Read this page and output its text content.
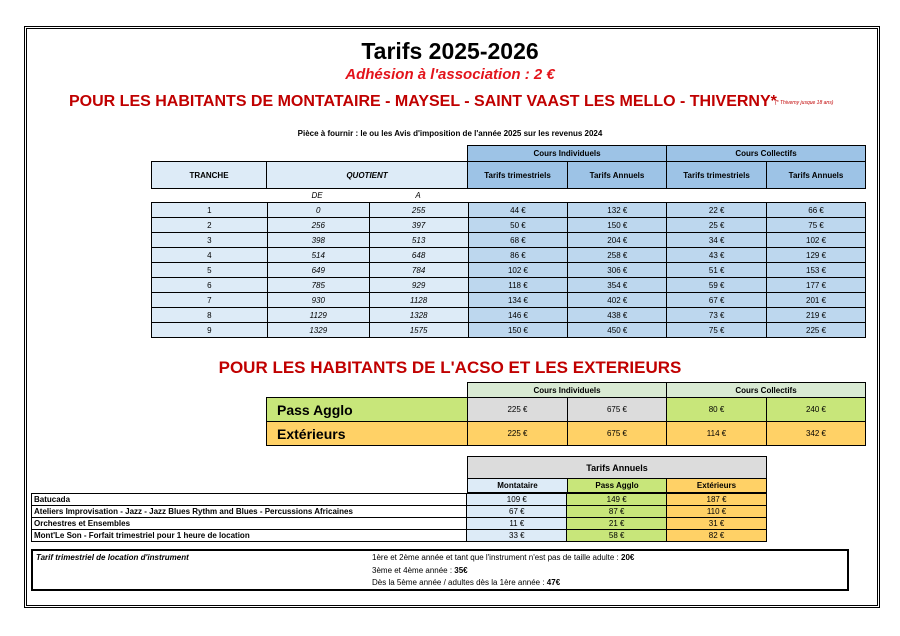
Tarifs 2025-2026
Adhésion à l'association : 2 €
POUR LES HABITANTS DE MONTATAIRE - MAYSEL - SAINT VAAST LES MELLO - THIVERNY*
(* Thiverny jusque 18 ans)
Pièce à fournir : le ou les Avis d'imposition de l'année 2025 sur les revenus 2024
Cours Individuels	Cours Collectifs
TRANCHE	QUOTIENT	Tarifs trimestriels	Tarifs Annuels	Tarifs trimestriels	Tarifs Annuels
DE	A
1	0	255	44 €	132 €	22 €	66 €
2	256	397	50 €	150 €	25 €	75 €
3	398	513	68 €	204 €	34 €	102 €
4	514	648	86 €	258 €	43 €	129 €
5	649	784	102 €	306 €	51 €	153 €
6	785	929	118 €	354 €	59 €	177 €
7	930	1128	134 €	402 €	67 €	201 €
8	1129	1328	146 €	438 €	73 €	219 €
9	1329	1575	150 €	450 €	75 €	225 €
POUR LES HABITANTS DE L'ACSO ET LES EXTERIEURS
Cours Individuels	Cours Collectifs
Pass Agglo	225 €	675 €	80 €	240 €
Extérieurs	225 €	675 €	114 €	342 €
Tarifs Annuels
Montataire	Pass Agglo	Extérieurs
Batucada	109 €	149 €	187 €
Ateliers Improvisation - Jazz - Jazz Blues Rythm and Blues - Percussions Africaines	67 €	87 €	110 €
Orchestres et Ensembles	11 €	21 €	31 €
Mont'Le Son - Forfait trimestriel pour 1 heure de location	33 €	58 €	82 €
Tarif trimestriel de location d'instrument	1ère et 2ème année et tant que l'instrument n'est pas de taille adulte : 20€
3ème et 4ème année : 35€
Dès la 5ème année / adultes dès la 1ère année : 47€
